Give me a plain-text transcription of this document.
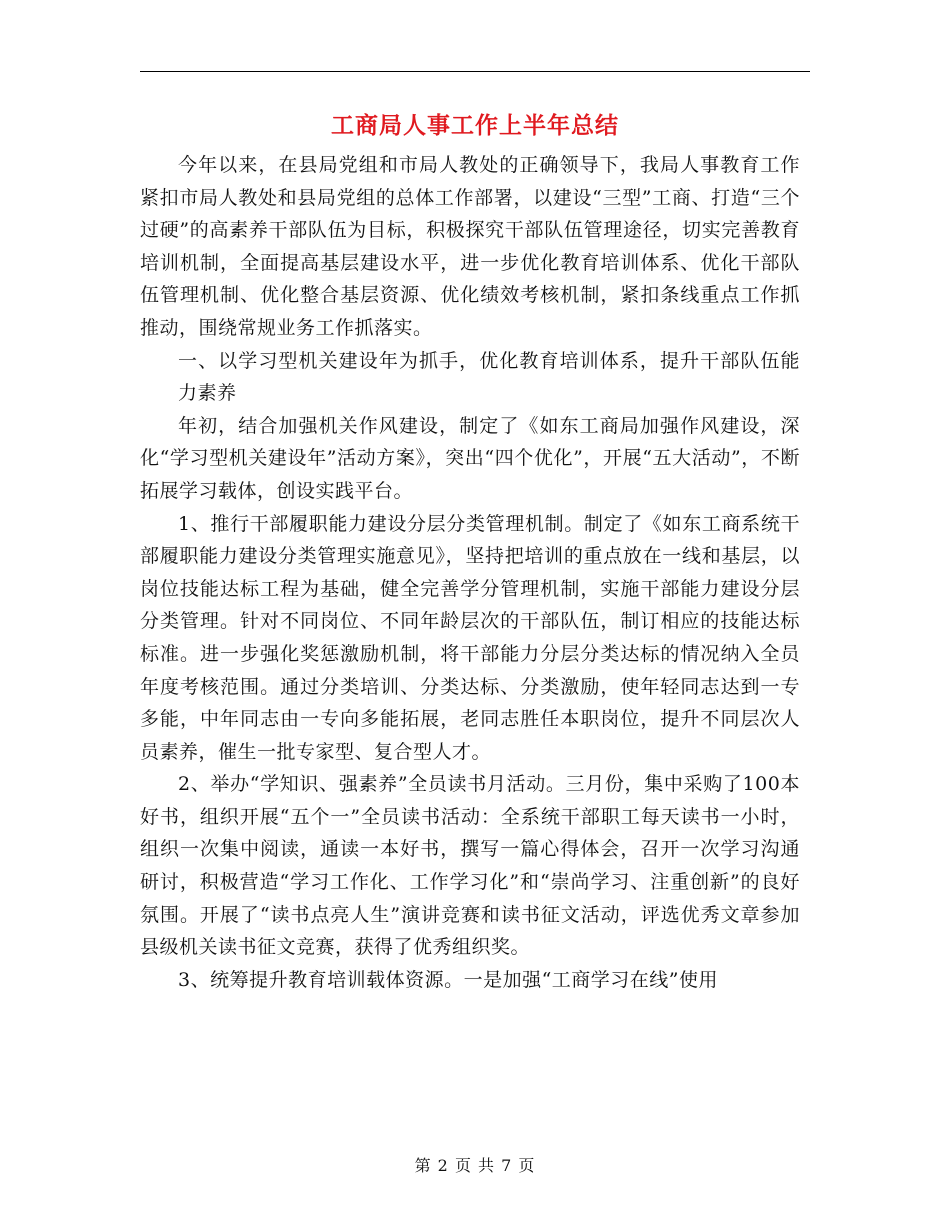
工商局人事工作上半年总结

今年以来，在县局党组和市局人教处的正确领导下，我局人事教育工作紧扣市局人教处和县局党组的总体工作部署，以建设“三型”工商、打造“三个过硬”的高素养干部队伍为目标，积极探究干部队伍管理途径，切实完善教育培训机制，全面提高基层建设水平，进一步优化教育培训体系、优化干部队伍管理机制、优化整合基层资源、优化绩效考核机制，紧扣条线重点工作抓推动，围绕常规业务工作抓落实。

一、以学习型机关建设年为抓手，优化教育培训体系，提升干部队伍能力素养

年初，结合加强机关作风建设，制定了《如东工商局加强作风建设，深化“学习型机关建设年”活动方案》，突出“四个优化”，开展“五大活动”，不断拓展学习载体，创设实践平台。

1、推行干部履职能力建设分层分类管理机制。制定了《如东工商系统干部履职能力建设分类管理实施意见》，坚持把培训的重点放在一线和基层，以岗位技能达标工程为基础，健全完善学分管理机制，实施干部能力建设分层分类管理。针对不同岗位、不同年龄层次的干部队伍，制订相应的技能达标标准。进一步强化奖惩激励机制，将干部能力分层分类达标的情况纳入全员年度考核范围。通过分类培训、分类达标、分类激励，使年轻同志达到一专多能，中年同志由一专向多能拓展，老同志胜任本职岗位，提升不同层次人员素养，催生一批专家型、复合型人才。

2、举办“学知识、强素养”全员读书月活动。三月份，集中采购了100本好书，组织开展“五个一”全员读书活动：全系统干部职工每天读书一小时，组织一次集中阅读，通读一本好书，撰写一篇心得体会，召开一次学习沟通研讨，积极营造“学习工作化、工作学习化”和“崇尚学习、注重创新”的良好氛围。开展了“读书点亮人生”演讲竞赛和读书征文活动，评选优秀文章参加县级机关读书征文竞赛，获得了优秀组织奖。

3、统筹提升教育培训载体资源。一是加强“工商学习在线”使用

第 2 页 共 7 页
